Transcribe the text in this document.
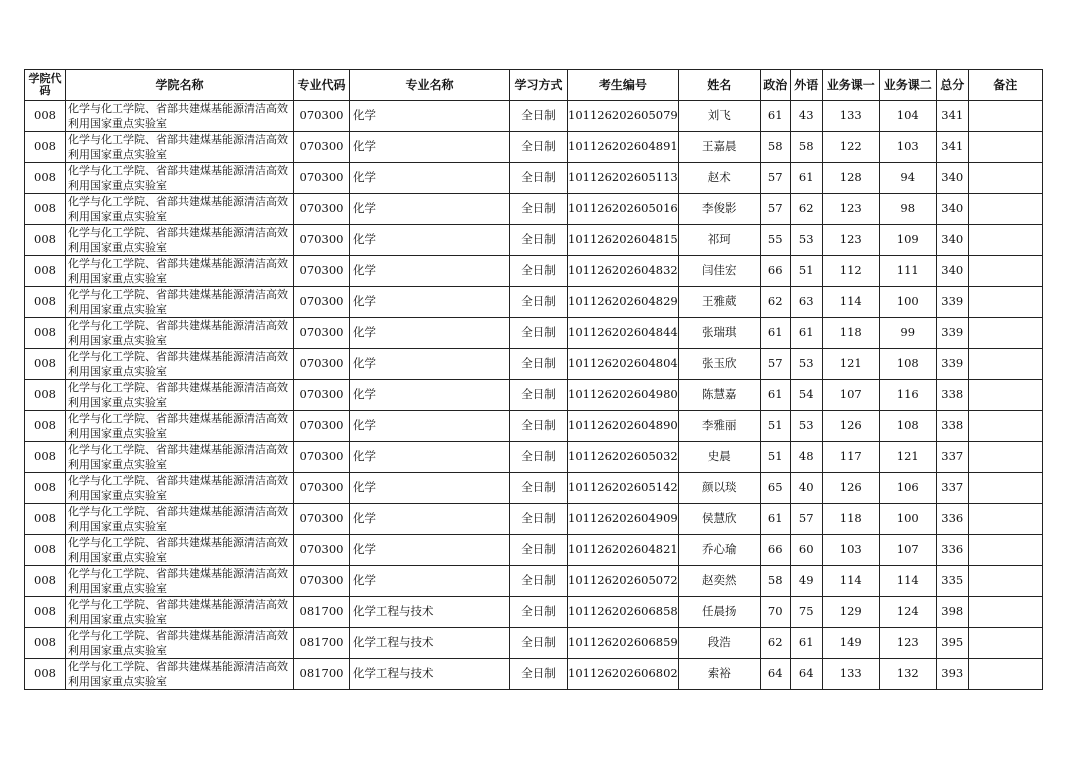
学院代码	学院名称	专业代码	专业名称	学习方式	考生编号	姓名	政治	外语	业务课一	业务课二	总分	备注
008	化学与化工学院、省部共建煤基能源清洁高效利用国家重点实验室	070300	化学	全日制	101126202605079	刘飞	61	43	133	104	341	
008	化学与化工学院、省部共建煤基能源清洁高效利用国家重点实验室	070300	化学	全日制	101126202604891	王嘉晨	58	58	122	103	341	
008	化学与化工学院、省部共建煤基能源清洁高效利用国家重点实验室	070300	化学	全日制	101126202605113	赵术	57	61	128	94	340	
008	化学与化工学院、省部共建煤基能源清洁高效利用国家重点实验室	070300	化学	全日制	101126202605016	李俊影	57	62	123	98	340	
008	化学与化工学院、省部共建煤基能源清洁高效利用国家重点实验室	070300	化学	全日制	101126202604815	祁珂	55	53	123	109	340	
008	化学与化工学院、省部共建煤基能源清洁高效利用国家重点实验室	070300	化学	全日制	101126202604832	闫佳宏	66	51	112	111	340	
008	化学与化工学院、省部共建煤基能源清洁高效利用国家重点实验室	070300	化学	全日制	101126202604829	王雅葳	62	63	114	100	339	
008	化学与化工学院、省部共建煤基能源清洁高效利用国家重点实验室	070300	化学	全日制	101126202604844	张瑞琪	61	61	118	99	339	
008	化学与化工学院、省部共建煤基能源清洁高效利用国家重点实验室	070300	化学	全日制	101126202604804	张玉欣	57	53	121	108	339	
008	化学与化工学院、省部共建煤基能源清洁高效利用国家重点实验室	070300	化学	全日制	101126202604980	陈慧嘉	61	54	107	116	338	
008	化学与化工学院、省部共建煤基能源清洁高效利用国家重点实验室	070300	化学	全日制	101126202604890	李雅丽	51	53	126	108	338	
008	化学与化工学院、省部共建煤基能源清洁高效利用国家重点实验室	070300	化学	全日制	101126202605032	史晨	51	48	117	121	337	
008	化学与化工学院、省部共建煤基能源清洁高效利用国家重点实验室	070300	化学	全日制	101126202605142	颜以琰	65	40	126	106	337	
008	化学与化工学院、省部共建煤基能源清洁高效利用国家重点实验室	070300	化学	全日制	101126202604909	侯慧欣	61	57	118	100	336	
008	化学与化工学院、省部共建煤基能源清洁高效利用国家重点实验室	070300	化学	全日制	101126202604821	乔心瑜	66	60	103	107	336	
008	化学与化工学院、省部共建煤基能源清洁高效利用国家重点实验室	070300	化学	全日制	101126202605072	赵奕然	58	49	114	114	335	
008	化学与化工学院、省部共建煤基能源清洁高效利用国家重点实验室	081700	化学工程与技术	全日制	101126202606858	任晨扬	70	75	129	124	398	
008	化学与化工学院、省部共建煤基能源清洁高效利用国家重点实验室	081700	化学工程与技术	全日制	101126202606859	段浩	62	61	149	123	395	
008	化学与化工学院、省部共建煤基能源清洁高效利用国家重点实验室	081700	化学工程与技术	全日制	101126202606802	索裕	64	64	133	132	393	
